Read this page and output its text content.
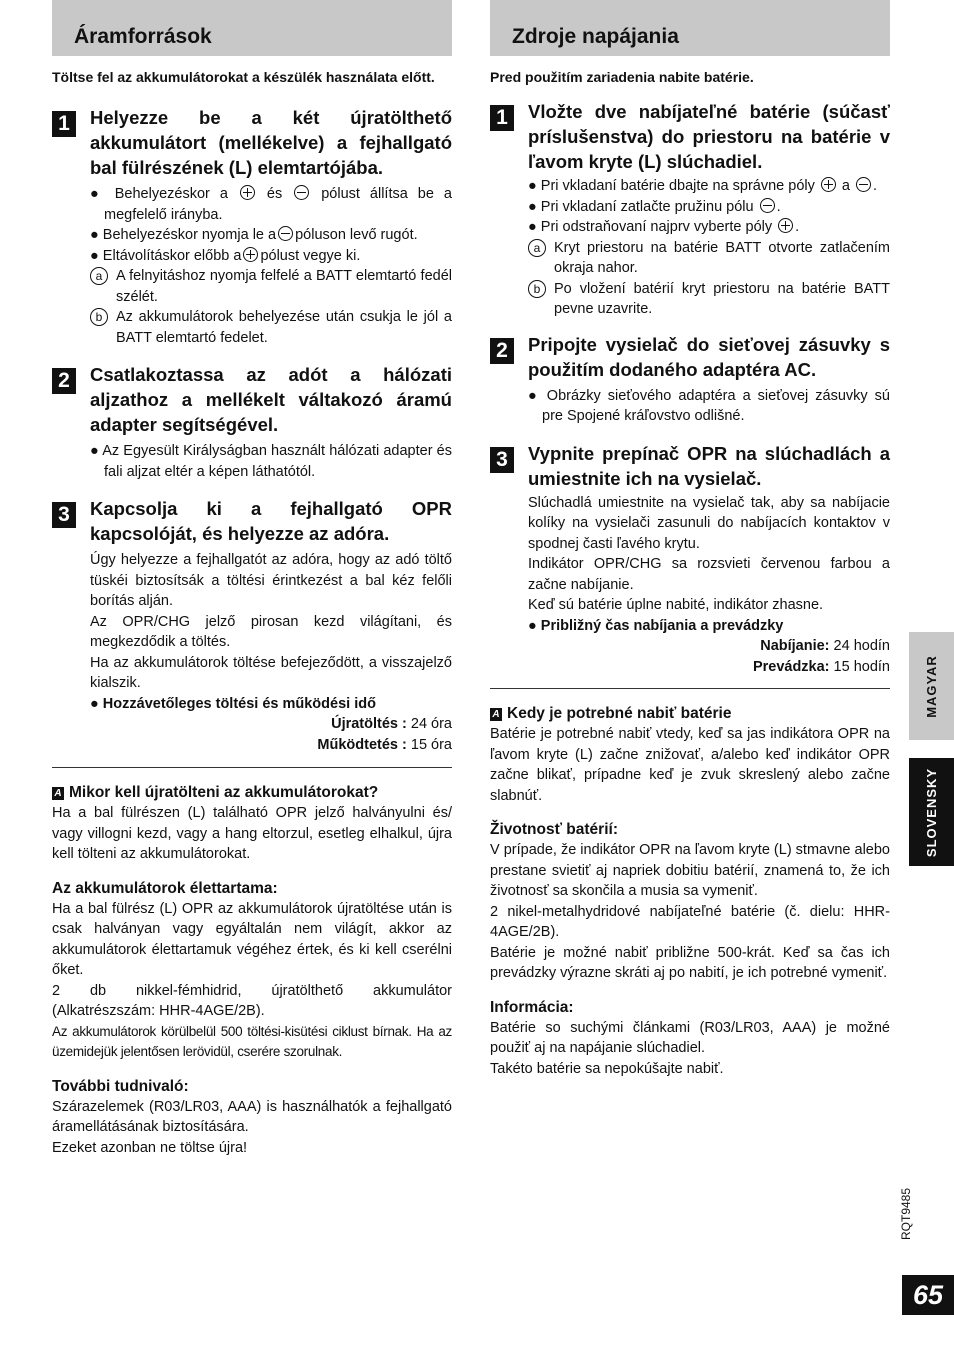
Áramforrások

Töltse fel az akkumulátorokat a készülék használata előtt.

1	Helyezze be a két újratölthető akkumulátort (mellékelve) a fejhallgató bal fülrészének (L) elemtartójába.

● Behelyezéskor a	és	pólust állítsa be a megfelelő irányba.

● Behelyezéskor nyomja le a póluson levő rugót.

● Eltávolításkor előbb a pólust vegye ki.

a A felnyitáshoz nyomja felfelé a BATT elemtartó fedél szélét.

b Az akkumulátorok behelyezése után csukja le jól a BATT elemtartó fedelet.

2	Csatlakoztassa az adót a hálózati aljzathoz a mellékelt váltakozó áramú adapter segítségével.

● Az Egyesült Királyságban használt hálózati adapter és fali aljzat eltér a képen láthatótól.

3	Kapcsolja ki a fejhallgató OPR kapcsolóját, és helyezze az adóra.

Úgy helyezze a fejhallgatót az adóra, hogy az adó töltő tüskéi biztosítsák a töltési érintkezést a bal kéz felőli borítás alján.

Az OPR/CHG jelző pirosan kezd világítani, és megkezdődik a töltés.

Ha az akkumulátorok töltése befejeződött, a visszajelző kialszik.

● Hozzávetőleges töltési és működési idő

Újratöltés : 24 óra

Működtetés : 15 óra

A Mikor kell újratölteni az akkumulátorokat?

Ha a bal fülrészen (L) található OPR jelző halványulni és/ vagy villogni kezd, vagy a hang eltorzul, esetleg elhalkul, újra kell tölteni az akkumulátorokat.

Az akkumulátorok élettartama:

Ha a bal fülrész (L) OPR az akkumulátorok újratöltése után is csak halványan vagy egyáltalán nem világít, akkor az akkumulátorok élettartamuk végéhez értek, és ki kell cserélni őket.

2 db nikkel-fémhidrid, újratölthető akkumulátor (Alkatrészszám: HHR-4AGE/2B).

Az akkumulátorok körülbelül 500 töltési-kisütési ciklust bírnak. Ha az üzemidejük jelentősen lerövidül, cserére szorulnak.

További tudnivaló:

Szárazelemek (R03/LR03, AAA) is használhatók a fejhallgató áramellátásának biztosítására.

Ezeket azonban ne töltse újra!

Zdroje napájania

Pred použitím zariadenia nabite batérie.

1	Vložte dve nabíjateľné batérie (súčasť príslušenstva) do priestoru na batérie v ľavom kryte (L) slúchadiel.

● Pri vkladaní batérie dbajte na správne póly a .

● Pri vkladaní zatlačte pružinu pólu .

● Pri odstraňovaní najprv vyberte póly .

a Kryt priestoru na batérie BATT otvorte zatlačením okraja nahor.

b Po vložení batérií kryt priestoru na batérie BATT pevne uzavrite.

2	Pripojte vysielač do sieťovej zásuvky s použitím dodaného adaptéra AC.

● Obrázky sieťového adaptéra a sieťovej zásuvky sú pre Spojené kráľovstvo odlišné.

3	Vypnite prepínač OPR na slúchadlách a umiestnite ich na vysielač.

Slúchadlá umiestnite na vysielač tak, aby sa nabíjacie kolíky na vysielači zasunuli do nabíjacích kontaktov v spodnej časti ľavého krytu.

Indikátor OPR/CHG sa rozsvieti červenou farbou a začne nabíjanie.

Keď sú batérie úplne nabité, indikátor zhasne.

● Približný čas nabíjania a prevádzky

Nabíjanie: 24 hodín

Prevádzka: 15 hodín

A Kedy je potrebné nabiť batérie

Batérie je potrebné nabiť vtedy, keď sa jas indikátora OPR na ľavom kryte (L) začne znižovať, a/alebo keď indikátor OPR začne blikať, prípadne keď je zvuk skreslený alebo začne slabnúť.

Životnosť batérií:

V prípade, že indikátor OPR na ľavom kryte (L) stmavne alebo prestane svietiť aj napriek dobitiu batérií, znamená to, že ich životnosť sa skončila a musia sa vymeniť.

2 nikel-metalhydridové nabíjateľné batérie (č. dielu: HHR-4AGE/2B).

Batérie je možné nabiť približne 500-krát. Keď sa čas ich prevádzky výrazne skráti aj po nabití, je ich potrebné vymeniť.

Informácia:

Batérie so suchými článkami (R03/LR03, AAA) je možné použiť aj na napájanie slúchadiel.

Takéto batérie sa nepokúšajte nabiť.

MAGYAR
SLOVENSKY
RQT9485
65
